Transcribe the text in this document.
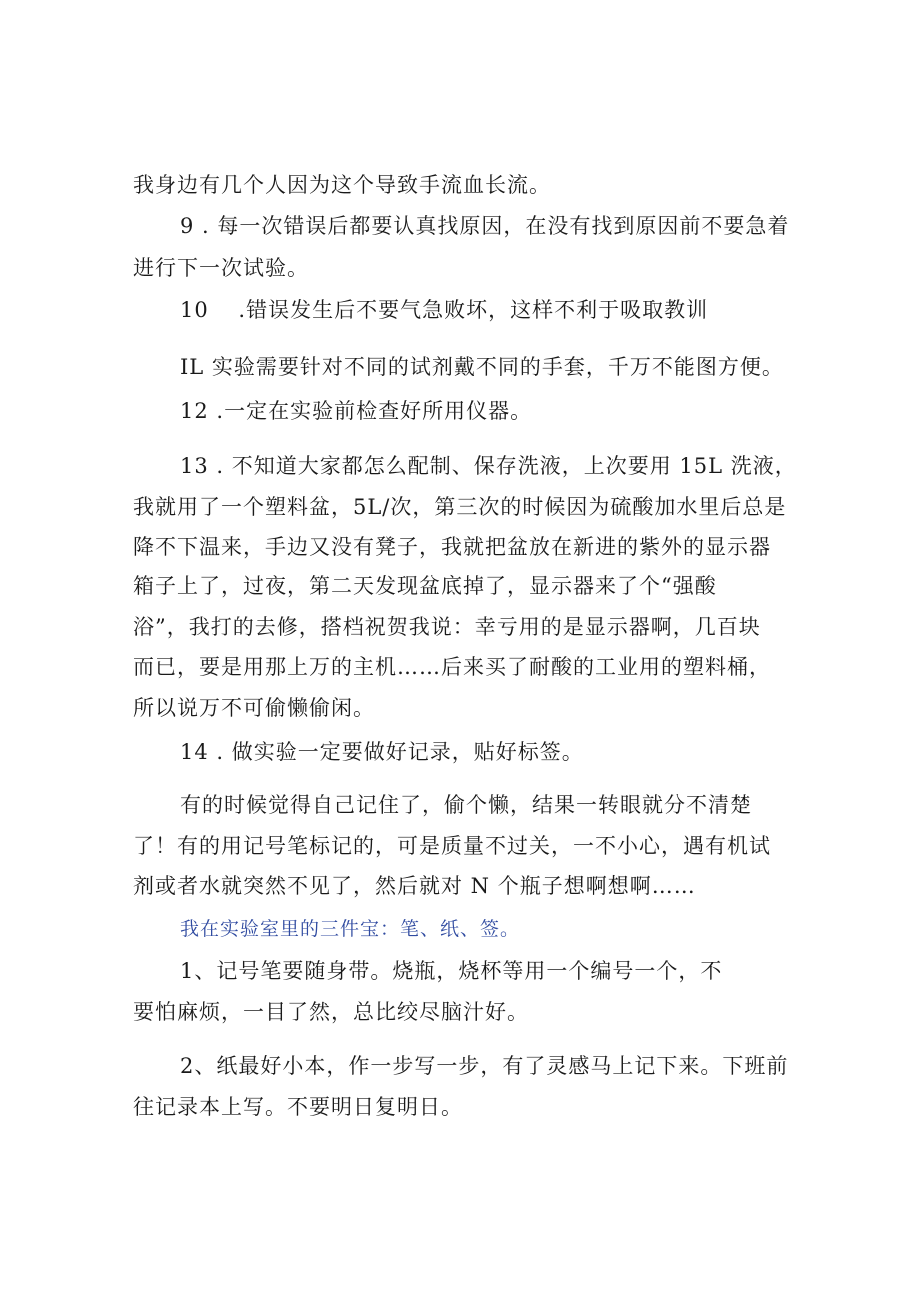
我身边有几个人因为这个导致手流血长流。

9 . 每一次错误后都要认真找原因，在没有找到原因前不要急着

进行下一次试验。

10　 .错误发生后不要气急败坏，这样不利于吸取教训

IL 实验需要针对不同的试剂戴不同的手套，千万不能图方便。

12 .一定在实验前检查好所用仪器。

13 . 不知道大家都怎么配制、保存洗液，上次要用 15L 洗液，

我就用了一个塑料盆，5L/次，第三次的时候因为硫酸加水里后总是

降不下温来，手边又没有凳子，我就把盆放在新进的紫外的显示器

箱子上了，过夜，第二天发现盆底掉了，显示器来了个“强酸

浴”，我打的去修，搭档祝贺我说：幸亏用的是显示器啊，几百块

而已，要是用那上万的主机……后来买了耐酸的工业用的塑料桶，

所以说万不可偷懒偷闲。

14 . 做实验一定要做好记录，贴好标签。

有的时候觉得自己记住了，偷个懒，结果一转眼就分不清楚

了！有的用记号笔标记的，可是质量不过关，一不小心，遇有机试

剂或者水就突然不见了，然后就对 N 个瓶子想啊想啊……

我在实验室里的三件宝：笔、纸、签。

1、记号笔要随身带。烧瓶，烧杯等用一个编号一个，不

要怕麻烦，一目了然，总比绞尽脑汁好。

2、纸最好小本，作一步写一步，有了灵感马上记下来。下班前

往记录本上写。不要明日复明日。
